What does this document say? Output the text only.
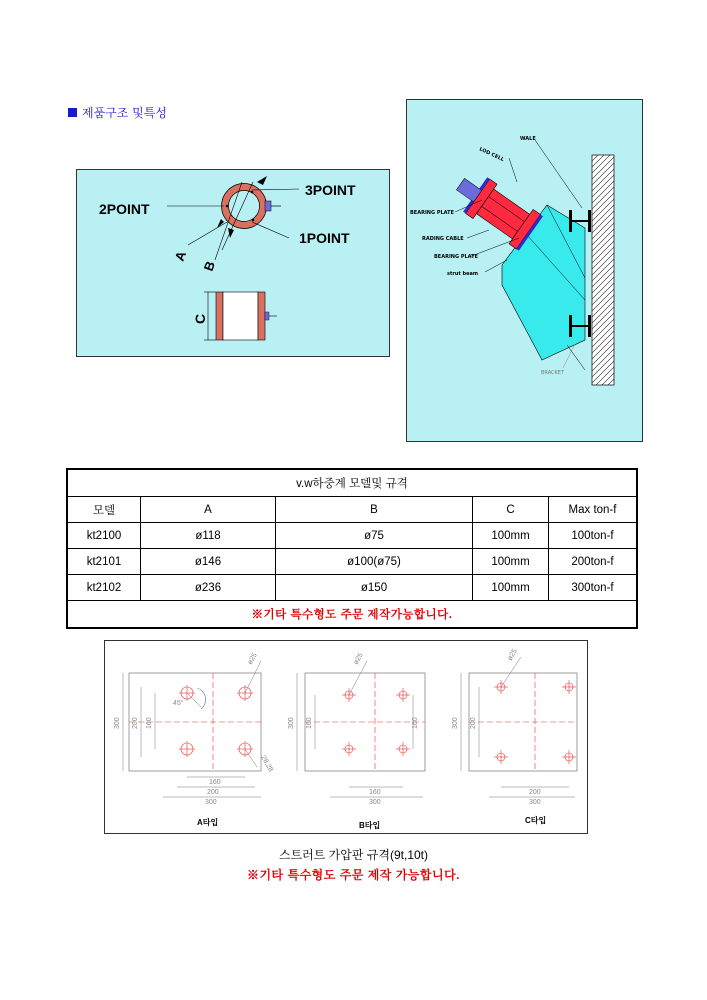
제품구조 및특성
3POINT
2POINT
1POINT
A
B
C
WALE
LOD CELL
BEARING PLATE
RADING CABLE
BEARING PLATE
strut beam
BRACKET
v.w하중계 모델및 규격				
모델	A	B	C	Max ton-f
kt2100	ø118	ø75	100mm	100ton-f
kt2101	ø146	ø100(ø75)	100mm	200ton-f
kt2102	ø236	ø150	100mm	300ton-f
※기타 특수형도 주문 제작가능합니다.				
300 200 160
160
200
300
45°
ø25
28.28
300 160	160
160
300
ø25
300 200
200
300
ø25
A타입	B타입
C타입
스트러트 가압판 규격(9t,10t)
※기타 특수형도 주문 제작 가능합니다.
